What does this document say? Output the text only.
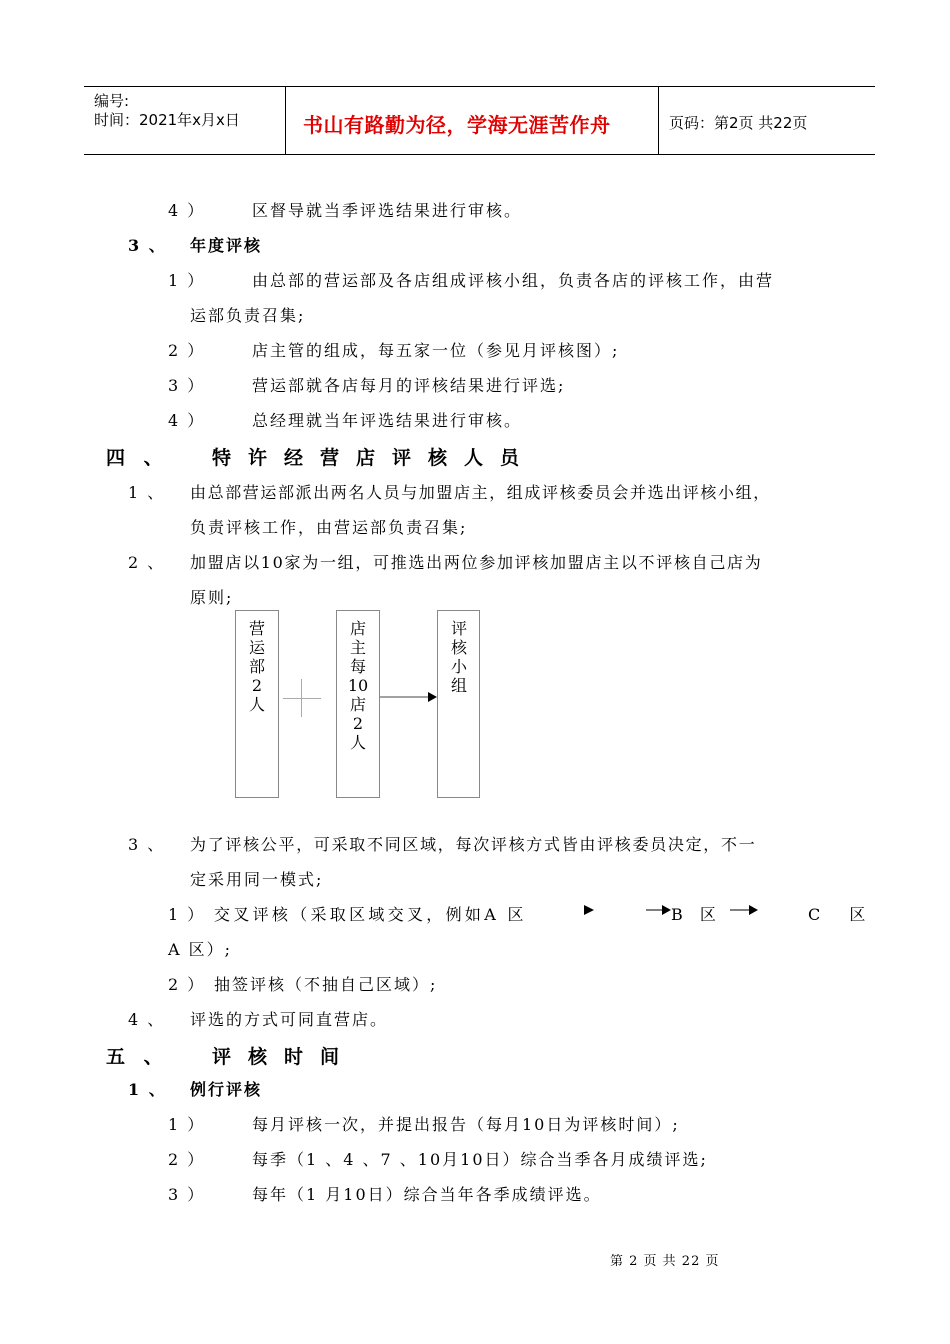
编号:
时间：2021年x月x日	书山有路勤为径，学海无涯苦作舟	页码：第2页 共22页
4 ）	区督导就当季评选结果进行审核。
3 、 年度评核
1 ）	由总部的营运部及各店组成评核小组，负责各店的评核工作，由营
运部负责召集;
2 ）	店主管的组成，每五家一位（参见月评核图）;
3 ）	营运部就各店每月的评核结果进行评选;
4 ）	总经理就当年评选结果进行审核。
四 、 特许经营店评核人员
1 、 由总部营运部派出两名人员与加盟店主，组成评核委员会并选出评核小组，
负责评核工作，由营运部负责召集;
2 、 加盟店以10家为一组，可推选出两位参加评核加盟店主以不评核自己店为
原则;
营
运
部
2
人
店
主
每
10
店
2
人
评
核
小
组
3 、 为了评核公平，可采取不同区域，每次评核方式皆由评核委员决定，不一
定采用同一模式;
1 ） 交叉评核（采取区域交叉，例如A 区	B 区	C 区
A 区）;
2 ） 抽签评核（不抽自己区域）;
4 、 评选的方式可同直营店。
五 、 评核时间
1 、 例行评核
1 ）	每月评核一次，并提出报告（每月10日为评核时间）;
2 ）	每季（1 、4 、7 、10月10日）综合当季各月成绩评选;
3 ）	每年（1 月10日）综合当年各季成绩评选。
第 2 页 共 22 页
